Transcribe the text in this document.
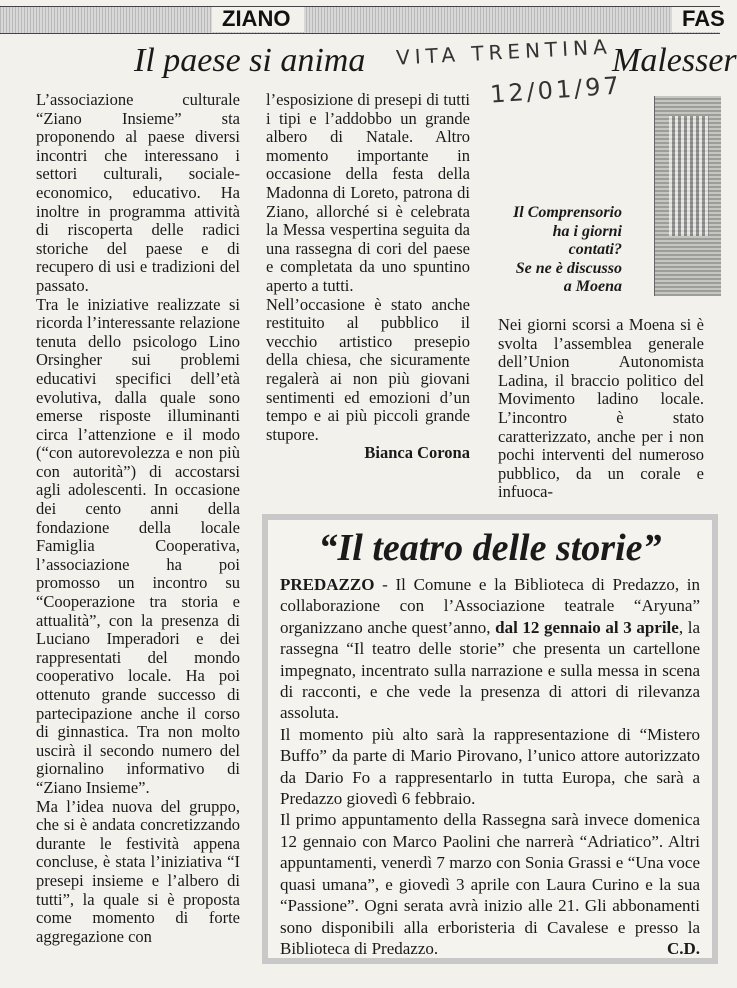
ZIANO	FAS
Il paese si anima	Malesser
VITA TRENTINA
12/01/97

L’associazione culturale “Ziano Insieme” sta proponendo al paese diversi incontri che interessano i settori culturali, sociale-economico, educativo. Ha inoltre in programma attività di riscoperta delle radici storiche del paese e di recupero di usi e tradizioni del passato.

Tra le iniziative realizzate si ricorda l’interessante relazione tenuta dello psicologo Lino Orsingher sui problemi educativi specifici dell’età evolutiva, dalla quale sono emerse risposte illuminanti circa l’attenzione e il modo (“con autorevolezza e non più con autorità”) di accostarsi agli adolescenti. In occasione dei cento anni della fondazione della locale Famiglia Cooperativa, l’associazione ha poi promosso un incontro su “Cooperazione tra storia e attualità”, con la presenza di Luciano Imperadori e dei rappresentati del mondo cooperativo locale. Ha poi ottenuto grande successo di partecipazione anche il corso di ginnastica. Tra non molto uscirà il secondo numero del giornalino informativo di “Ziano Insieme”.

Ma l’idea nuova del gruppo, che si è andata concretizzando durante le festività appena concluse, è stata l’iniziativa “I presepi insieme e l’albero di tutti”, la quale si è proposta come momento di forte aggregazione con

l’esposizione di presepi di tutti i tipi e l’addobbo un grande albero di Natale. Altro momento importante in occasione della festa della Madonna di Loreto, patrona di Ziano, allorché si è celebrata la Messa vespertina seguita da una rassegna di cori del paese e completata da uno spuntino aperto a tutti.

Nell’occasione è stato anche restituito al pubblico il vecchio artistico presepio della chiesa, che sicuramente regalerà ai non più giovani sentimenti ed emozioni d’un tempo e ai più piccoli grande stupore.

Bianca Corona

Il Comprensorio
ha i giorni
contati?
Se ne è discusso
a Moena

Nei giorni scorsi a Moena si è svolta l’assemblea generale dell’Union Autonomista Ladina, il braccio politico del Movimento ladino locale. L’incontro è stato caratterizzato, anche per i non pochi interventi del numeroso pubblico, da un corale e infuoca-

“Il teatro delle storie”

PREDAZZO - Il Comune e la Biblioteca di Predazzo, in collaborazione con l’Associazione teatrale “Aryuna” organizzano anche quest’anno, dal 12 gennaio al 3 aprile, la rassegna “Il teatro delle storie” che presenta un cartellone impegnato, incentrato sulla narrazione e sulla messa in scena di racconti, e che vede la presenza di attori di rilevanza assoluta.

Il momento più alto sarà la rappresentazione di “Mistero Buffo” da parte di Mario Pirovano, l’unico attore autorizzato da Dario Fo a rappresentarlo in tutta Europa, che sarà a Predazzo giovedì 6 febbraio.

Il primo appuntamento della Rassegna sarà invece domenica 12 gennaio con Marco Paolini che narrerà “Adriatico”. Altri appuntamenti, venerdì 7 marzo con Sonia Grassi e “Una voce quasi umana”, e giovedì 3 aprile con Laura Curino e la sua “Passione”. Ogni serata avrà inizio alle 21. Gli abbonamenti sono disponibili alla erboristeria di Cavalese e presso la Biblioteca di Predazzo.	C.D.
